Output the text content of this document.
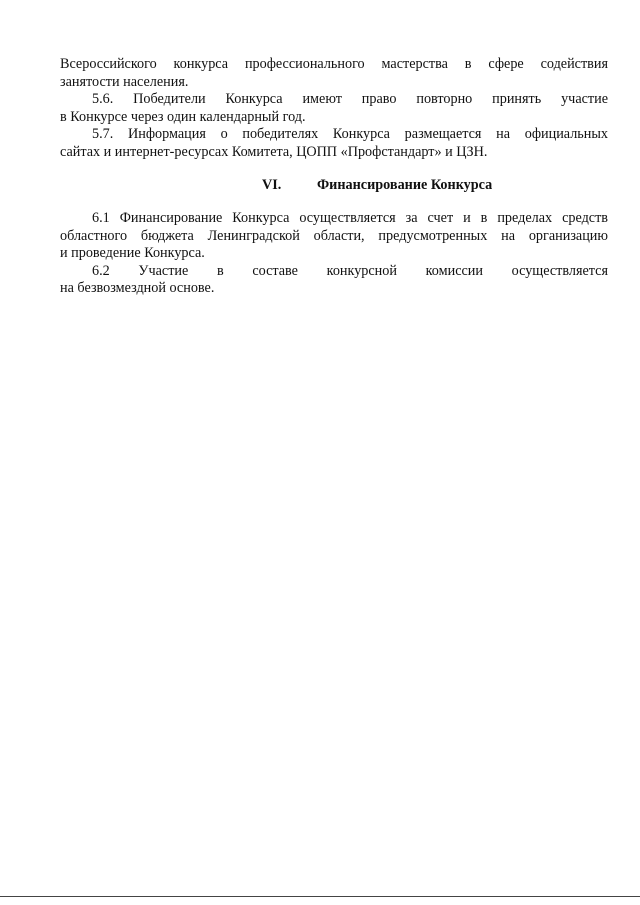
Всероссийского конкурса профессионального мастерства в сфере содействия
занятости населения.
5.6. Победители Конкурса имеют право повторно принять участие
в Конкурсе через один календарный год.
5.7. Информация о победителях Конкурса размещается на официальных
сайтах и интернет-ресурсах Комитета, ЦОПП «Профстандарт» и ЦЗН.
VI.	Финансирование Конкурса
6.1 Финансирование Конкурса осуществляется за счет и в пределах средств
областного бюджета Ленинградской области, предусмотренных на организацию
и проведение Конкурса.
6.2 Участие в составе конкурсной комиссии осуществляется
на безвозмездной основе.
